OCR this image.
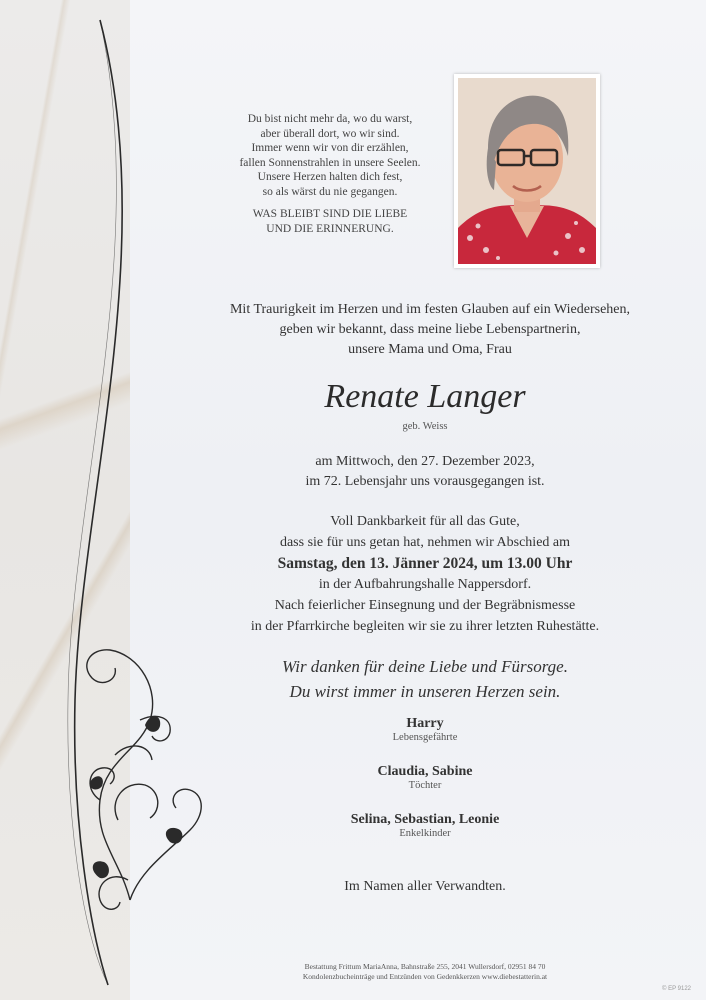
Du bist nicht mehr da, wo du warst,
aber überall dort, wo wir sind.
Immer wenn wir von dir erzählen,
fallen Sonnenstrahlen in unsere Seelen.
Unsere Herzen halten dich fest,
so als wärst du nie gegangen.
WAS BLEIBT SIND DIE LIEBE
UND DIE ERINNERUNG.
Mit Traurigkeit im Herzen und im festen Glauben auf ein Wiedersehen,
geben wir bekannt, dass meine liebe Lebenspartnerin,
unsere Mama und Oma, Frau
Renate Langer
geb. Weiss
am Mittwoch, den 27. Dezember 2023,
im 72. Lebensjahr uns vorausgegangen ist.
Voll Dankbarkeit für all das Gute,
dass sie für uns getan hat, nehmen wir Abschied am
Samstag, den 13. Jänner 2024, um 13.00 Uhr
in der Aufbahrungshalle Nappersdorf.
Nach feierlicher Einsegnung und der Begräbnismesse
in der Pfarrkirche begleiten wir sie zu ihrer letzten Ruhestätte.
Wir danken für deine Liebe und Fürsorge.
Du wirst immer in unseren Herzen sein.
Harry
Lebensgefährte
Claudia, Sabine
Töchter
Selina, Sebastian, Leonie
Enkelkinder
Im Namen aller Verwandten.
Bestattung Frittum MariaAnna, Bahnstraße 255, 2041 Wullersdorf, 02951 84 70
Kondolenzbucheinträge und Entzünden von Gedenkkerzen www.diebestatterin.at
© EP 9122
